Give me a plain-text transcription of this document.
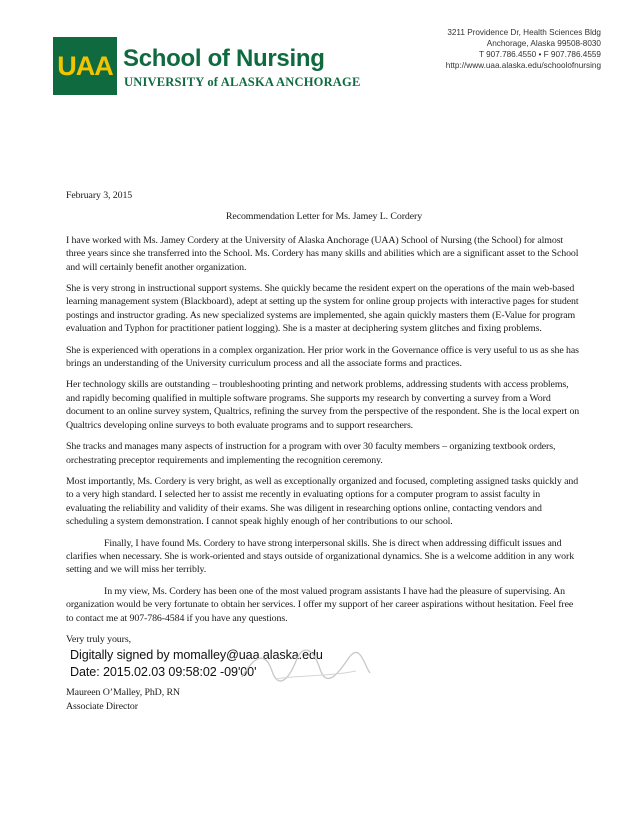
UAA School of Nursing
UNIVERSITY of ALASKA ANCHORAGE
3211 Providence Dr, Health Sciences Bldg
Anchorage, Alaska 99508-8030
T 907.786.4550 • F 907.786.4559
http://www.uaa.alaska.edu/schoolofnursing

February 3, 2015

Recommendation Letter for Ms. Jamey L. Cordery

I have worked with Ms. Jamey Cordery at the University of Alaska Anchorage (UAA) School of Nursing (the School) for almost three years since she transferred into the School. Ms. Cordery has many skills and abilities which are a significant asset to the School and will certainly benefit another organization.

She is very strong in instructional support systems. She quickly became the resident expert on the operations of the main web-based learning management system (Blackboard), adept at setting up the system for online group projects with interactive pages for student postings and instructor grading. As new specialized systems are implemented, she again quickly masters them (E-Value for program evaluation and Typhon for practitioner patient logging). She is a master at deciphering system glitches and fixing problems.

She is experienced with operations in a complex organization. Her prior work in the Governance office is very useful to us as she has brings an understanding of the University curriculum process and all the associate forms and practices.

Her technology skills are outstanding – troubleshooting printing and network problems, addressing students with access problems, and rapidly becoming qualified in multiple software programs. She supports my research by converting a survey from a Word document to an online survey system, Qualtrics, refining the survey from the perspective of the respondent. She is the local expert on Qualtrics developing online surveys to both evaluate programs and to support researchers.

She tracks and manages many aspects of instruction for a program with over 30 faculty members – organizing textbook orders, orchestrating preceptor requirements and implementing the recognition ceremony.

Most importantly, Ms. Cordery is very bright, as well as exceptionally organized and focused, completing assigned tasks quickly and to a very high standard. I selected her to assist me recently in evaluating options for a computer program to assist faculty in evaluating the reliability and validity of their exams. She was diligent in researching options online, contacting vendors and scheduling a system demonstration. I cannot speak highly enough of her contributions to our school.

Finally, I have found Ms. Cordery to have strong interpersonal skills. She is direct when addressing difficult issues and clarifies when necessary. She is work-oriented and stays outside of organizational dynamics. She is a welcome addition in any work setting and we will miss her terribly.

In my view, Ms. Cordery has been one of the most valued program assistants I have had the pleasure of supervising. An organization would be very fortunate to obtain her services. I offer my support of her career aspirations without hesitation. Feel free to contact me at 907-786-4584 if you have any questions.

Very truly yours,

Digitally signed by momalley@uaa.alaska.edu
Date: 2015.02.03 09:58:02 -09'00'
Maureen O’Malley, PhD, RN
Associate Director
